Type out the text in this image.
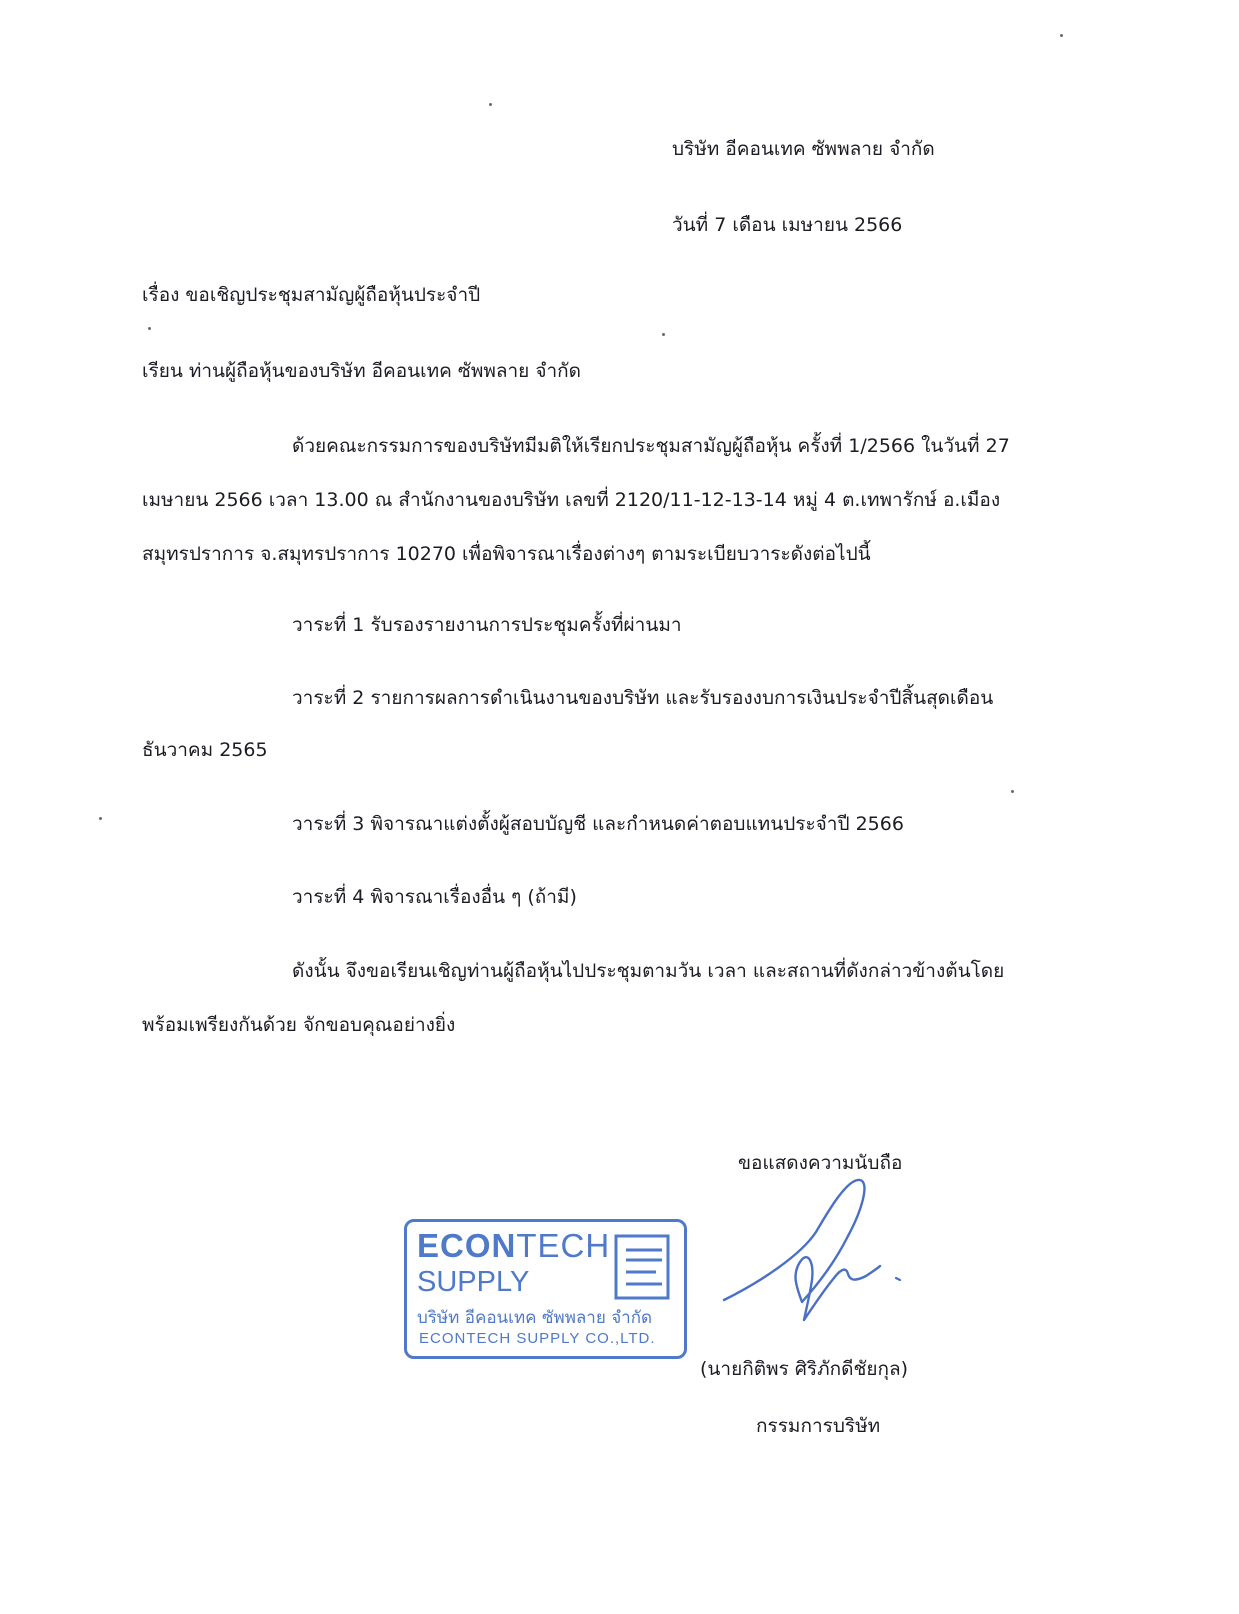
บริษัท อีคอนเทค ซัพพลาย จำกัด
วันที่ 7 เดือน เมษายน 2566
เรื่อง ขอเชิญประชุมสามัญผู้ถือหุ้นประจำปี
เรียน ท่านผู้ถือหุ้นของบริษัท อีคอนเทค ซัพพลาย จำกัด
ด้วยคณะกรรมการของบริษัทมีมติให้เรียกประชุมสามัญผู้ถือหุ้น ครั้งที่ 1/2566 ในวันที่ 27
เมษายน 2566 เวลา 13.00 ณ สำนักงานของบริษัท เลขที่ 2120/11-12-13-14 หมู่ 4 ต.เทพารักษ์ อ.เมือง
สมุทรปราการ จ.สมุทรปราการ 10270 เพื่อพิจารณาเรื่องต่างๆ ตามระเบียบวาระดังต่อไปนี้
วาระที่ 1 รับรองรายงานการประชุมครั้งที่ผ่านมา
วาระที่ 2 รายการผลการดำเนินงานของบริษัท และรับรองงบการเงินประจำปีสิ้นสุดเดือน
ธันวาคม 2565
วาระที่ 3 พิจารณาแต่งตั้งผู้สอบบัญชี และกำหนดค่าตอบแทนประจำปี 2566
วาระที่ 4 พิจารณาเรื่องอื่น ๆ (ถ้ามี)
ดังนั้น จึงขอเรียนเชิญท่านผู้ถือหุ้นไปประชุมตามวัน เวลา และสถานที่ดังกล่าวข้างต้นโดย
พร้อมเพรียงกันด้วย จักขอบคุณอย่างยิ่ง
ขอแสดงความนับถือ
ECONTECH
SUPPLY
บริษัท อีคอนเทค ซัพพลาย จำกัด
ECONTECH SUPPLY CO.,LTD.
(นายกิติพร ศิริภักดีชัยกุล)
กรรมการบริษัท
